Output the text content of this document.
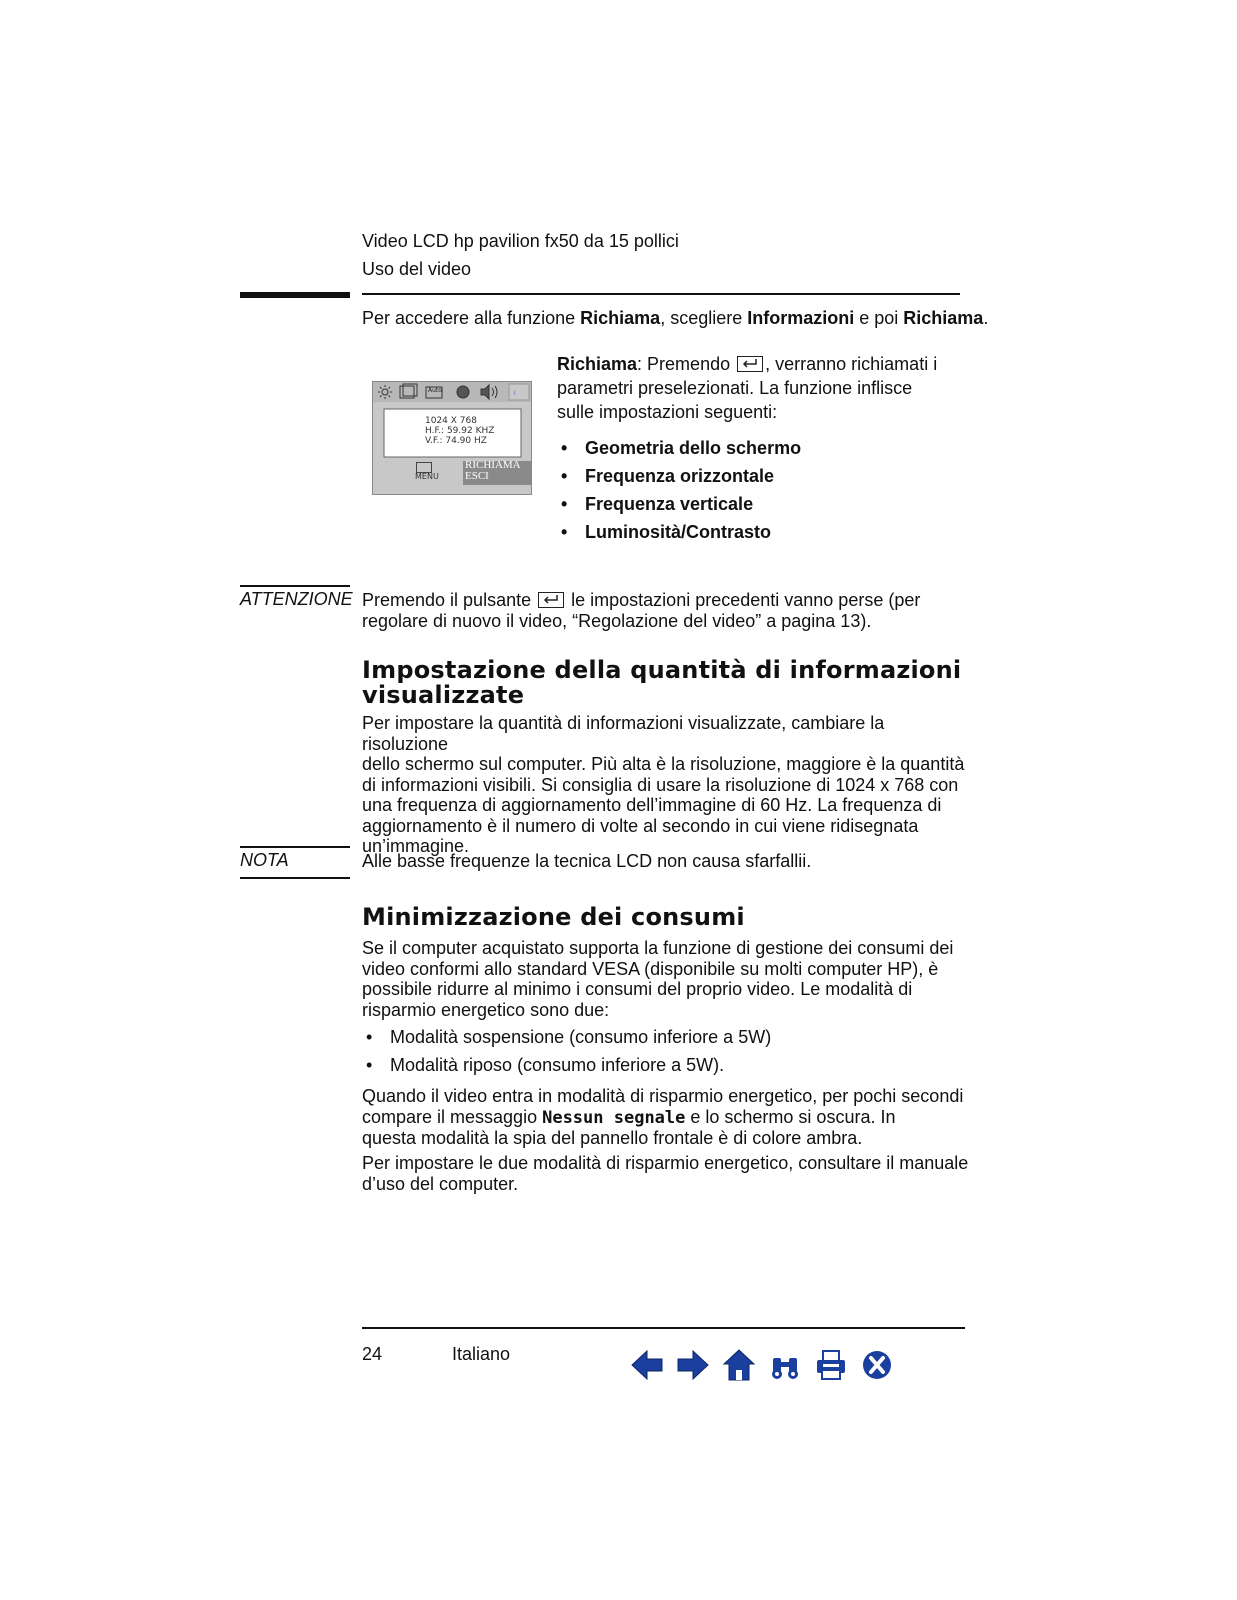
Video LCD hp pavilion fx50 da 15 pollici
Uso del video
Per accedere alla funzione Richiama, scegliere Informazioni e poi Richiama.
i
Auto
1024 X 768
H.F.: 59.92 KHZ
V.F.: 74.90 HZ
MENU
RICHIAMA
ESCI
Richiama: Premendo , verranno richiamati i
parametri preselezionati. La funzione inflisce
sulle impostazioni seguenti:
• Geometria dello schermo
• Frequenza orizzontale
• Frequenza verticale
• Luminosità/Contrasto
ATTENZIONE Premendo il pulsante le impostazioni precedenti vanno perse (per
regolare di nuovo il video, “Regolazione del video” a pagina 13).
Impostazione della quantità di informazioni
visualizzate
Per impostare la quantità di informazioni visualizzate, cambiare la risoluzione
dello schermo sul computer. Più alta è la risoluzione, maggiore è la quantità
di informazioni visibili. Si consiglia di usare la risoluzione di 1024 x 768 con
una frequenza di aggiornamento dell’immagine di 60 Hz. La frequenza di
aggiornamento è il numero di volte al secondo in cui viene ridisegnata
un’immagine.
NOTA	Alle basse frequenze la tecnica LCD non causa sfarfallii.
Minimizzazione dei consumi
Se il computer acquistato supporta la funzione di gestione dei consumi dei
video conformi allo standard VESA (disponibile su molti computer HP), è
possibile ridurre al minimo i consumi del proprio video. Le modalità di
risparmio energetico sono due:
• Modalità sospensione (consumo inferiore a 5W)
• Modalità riposo (consumo inferiore a 5W).
Quando il video entra in modalità di risparmio energetico, per pochi secondi
compare il messaggio Nessun segnale e lo schermo si oscura. In
questa modalità la spia del pannello frontale è di colore ambra.
Per impostare le due modalità di risparmio energetico, consultare il manuale
d’uso del computer.
24	Italiano
